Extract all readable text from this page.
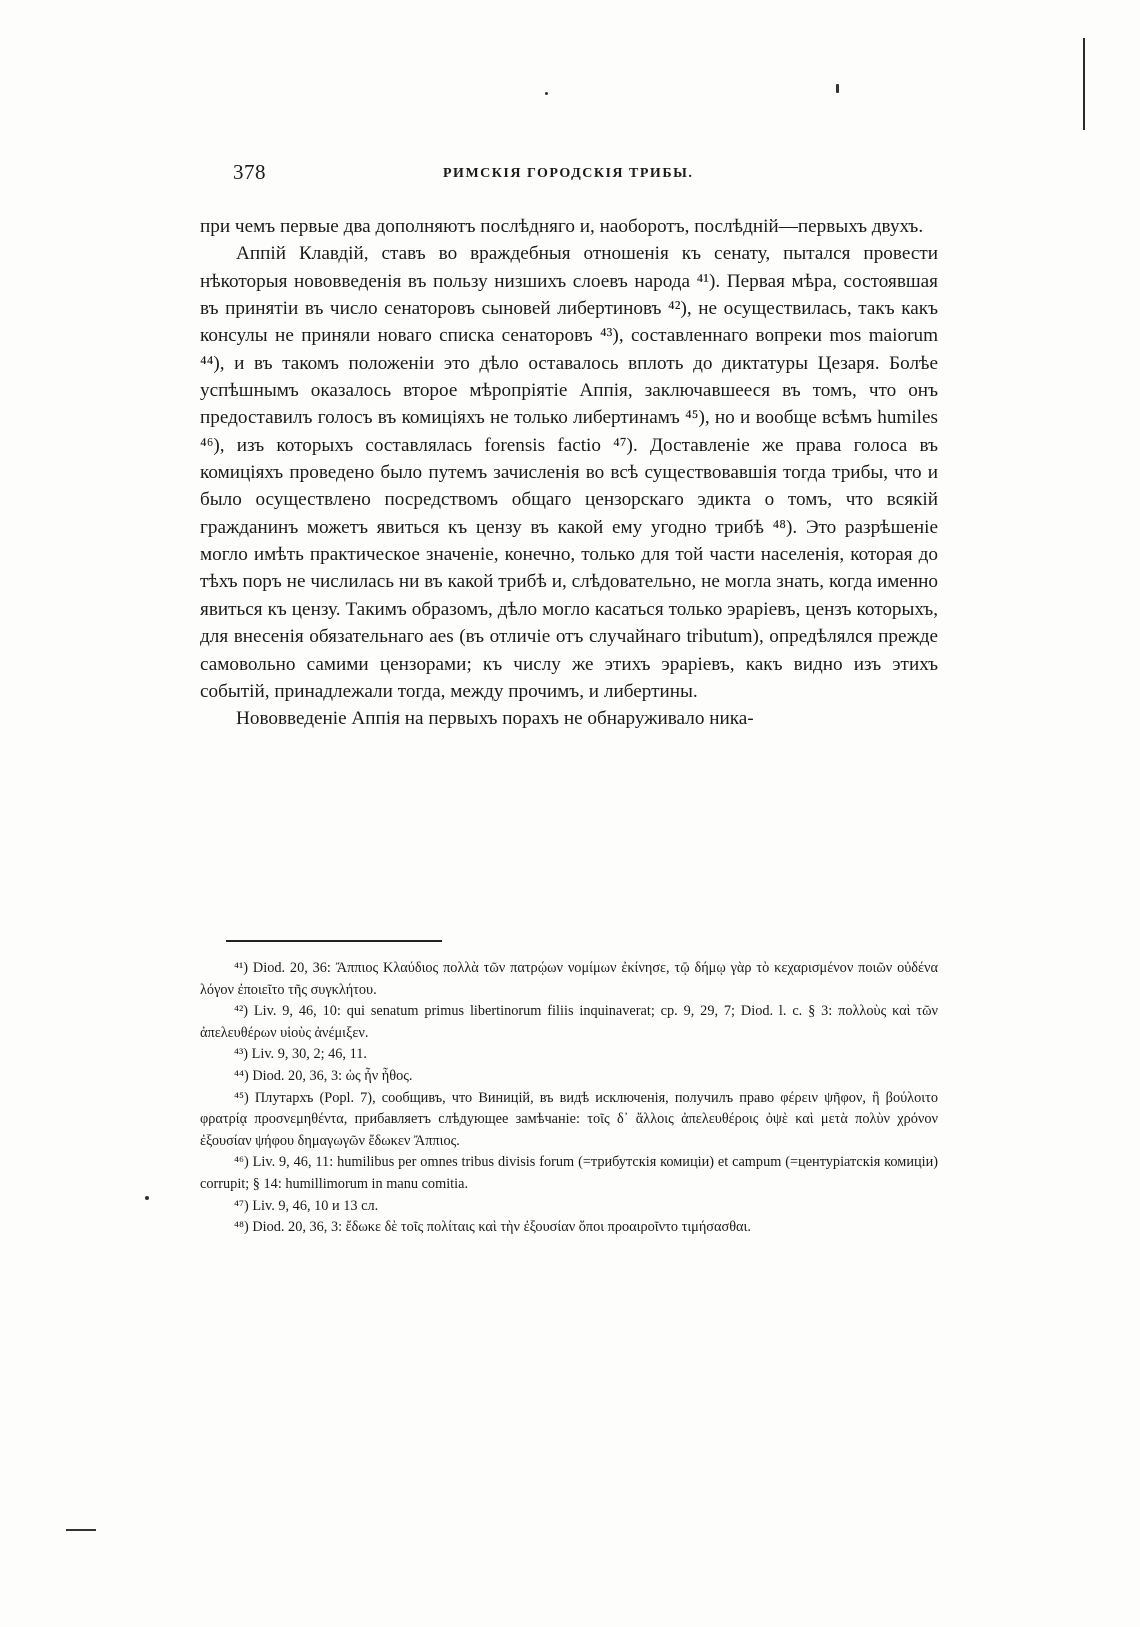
378	РИМСКІЯ ГОРОДСКІЯ ТРИБЫ.

при чемъ первые два дополняютъ послѣдняго и, наоборотъ, послѣднiй—первыхъ двухъ.

Аппiй Клавдiй, ставъ во враждебныя отношенiя къ сенату, пытался провести нѣкоторыя нововведенiя въ пользу низшихъ слоевъ народа ⁴¹). Первая мѣра, состоявшая въ принятiи въ число сенаторовъ сыновей либертиновъ ⁴²), не осуществилась, такъ какъ консулы не приняли новаго списка сенаторовъ ⁴³), составленнаго вопреки mos maiorum ⁴⁴), и въ такомъ положенiи это дѣло оставалось вплоть до диктатуры Цезаря. Болѣе успѣшнымъ оказалось второе мѣропрiятie Аппiя, заключавшееся въ томъ, что онъ предоставилъ голосъ въ комицiяхъ не только либертинамъ ⁴⁵), но и вообще всѣмъ humiles ⁴⁶), изъ которыхъ составлялась forensis factio ⁴⁷). Доставленie же права голоса въ комицiяхъ проведено было путемъ зачисленiя во всѣ существовавшiя тогда трибы, что и было осуществлено посредствомъ общаго цензорскаго эдикта о томъ, что всякiй гражданинъ можетъ явиться къ цензу въ какой ему угодно трибѣ ⁴⁸). Это разрѣшенie могло имѣть практическое значенie, конечно, только для той части населенiя, которая до тѣхъ поръ не числилась ни въ какой трибѣ и, слѣдовательно, не могла знать, когда именно явиться къ цензу. Такимъ образомъ, дѣло могло касаться только эрарiевъ, цензъ которыхъ, для внесенiя обязательнаго aes (въ отличie отъ случайнаго tributum), опредѣлялся прежде самовольно самими цензорами; къ числу же этихъ эрарiевъ, какъ видно изъ этихъ событiй, принадлежали тогда, между прочимъ, и либертины.

Нововведенie Аппiя на первыхъ порахъ не обнаруживало ника-

⁴¹) Diod. 20, 36: Ἄππιος Κλαύδιος πολλὰ τῶν πατρῴων νομίμων ἐκίνησε, τῷ δήμῳ γὰρ τὸ κεχαρισμένον ποιῶν οὐδένα λόγον ἐποιεῖτο τῆς συγκλήτου.

⁴²) Liv. 9, 46, 10: qui senatum primus libertinorum filiis inquinaverat; ср. 9, 29, 7; Diod. l. c. § 3: πολλοὺς καὶ τῶν ἀπελευθέρων υἱοὺς ἀνέμιξεν.

⁴³) Liv. 9, 30, 2; 46, 11.

⁴⁴) Diod. 20, 36, 3: ὡς ἦν ἦθος.

⁴⁵) Плутархъ (Popl. 7), сообщивъ, что Виницiй, въ видѣ исключенiя, получилъ право φέρειν ψῆφον, ἣ βούλοιτο φρατρίᾳ προσνεμηθέντα, прибавляетъ слѣдующее замѣчанie: τοῖς δ᾽ ἄλλοις ἀπελευθέροις ὀψὲ καὶ μετὰ πολὺν χρόνον ἐξουσίαν ψήφου δημαγωγῶν ἔδωκεν Ἄππιος.

⁴⁶) Liv. 9, 46, 11: humilibus per omnes tribus divisis forum (=трибутскiя комицiи) et campum (=центурiатскiя комицiи) corrupit; § 14: humillimorum in manu comitia.

⁴⁷) Liv. 9, 46, 10 и 13 сл.

⁴⁸) Diod. 20, 36, 3: ἔδωκε δὲ τοῖς πολίταις καὶ τὴν ἐξουσίαν ὅποι προαιροῖντο τιμήσασθαι.
